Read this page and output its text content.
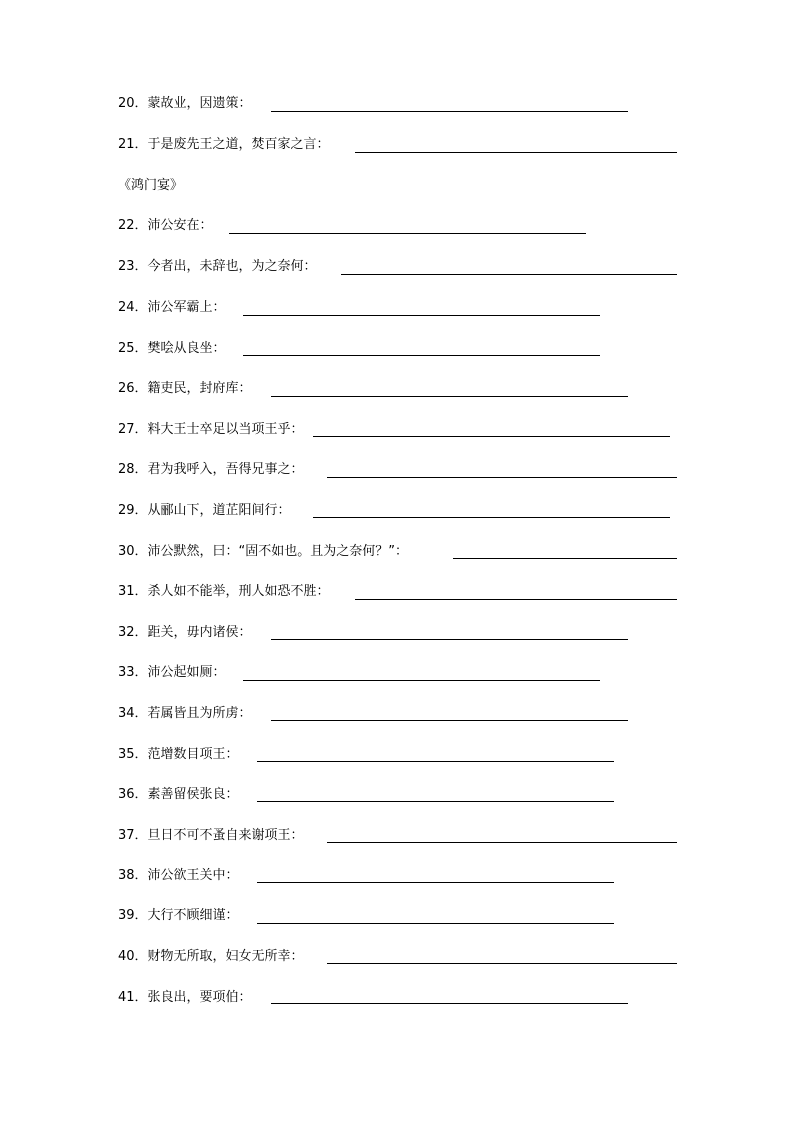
20．蒙故业，因遗策：
21．于是废先王之道，焚百家之言：
《鸿门宴》
22．沛公安在：
23．今者出，未辞也，为之奈何：
24．沛公军霸上：
25．樊哙从良坐：
26．籍吏民，封府库：
27．料大王士卒足以当项王乎：
28．君为我呼入，吾得兄事之：
29．从郦山下，道芷阳间行：
30．沛公默然，曰：“固不如也。且为之奈何？”：
31．杀人如不能举，刑人如恐不胜：
32．距关，毋内诸侯：
33．沛公起如厕：
34．若属皆且为所虏：
35．范增数目项王：
36．素善留侯张良：
37．旦日不可不蚤自来谢项王：
38．沛公欲王关中：
39．大行不顾细谨：
40．财物无所取，妇女无所幸：
41．张良出，要项伯：
